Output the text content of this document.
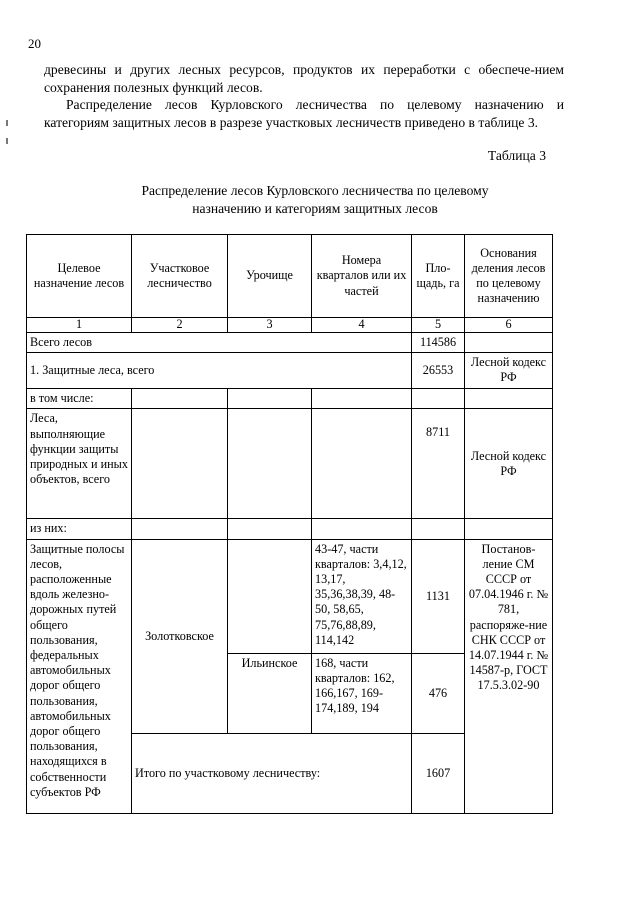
20

древесины и других лесных ресурсов, продуктов их переработки с обеспече-нием сохранения полезных функций лесов.

Распределение лесов Курловского лесничества по целевому назначению и категориям защитных лесов в разрезе участковых лесничеств приведено в таблице 3.

Таблица 3
Распределение лесов Курловского лесничества по целевому
назначению и категориям защитных лесов
Целевое назначение лесов	Участковое лесничество	Урочище	Номера кварталов или их частей	Пло-щадь, га	Основания деления лесов по целевому назначению
1	2	3	4	5	6
Всего лесов				114586	
1. Защитные леса, всего				26553	Лесной кодекс РФ
в том числе:					
Леса, выполняющие функции защиты природных и иных объектов, всего				8711	Лесной кодекс РФ
из них:					
Защитные полосы лесов, расположенные вдоль железно-дорожных путей общего пользования, федеральных автомобильных дорог общего пользования, автомобильных дорог общего пользования, находящихся в собственности субъектов РФ	Золотковское		43-47, части кварталов: 3,4,12, 13,17, 35,36,38,39, 48-50, 58,65, 75,76,88,89, 114,142	1131	Постанов-ление СМ СССР от 07.04.1946 г. № 781, распоряже-ние СНК СССР от 14.07.1944 г. № 14587-р, ГОСТ 17.5.3.02-90
		Ильинское	168, части кварталов: 162, 166,167, 169-174,189, 194	476	
	Итого по участковому лесничеству:			1607	
